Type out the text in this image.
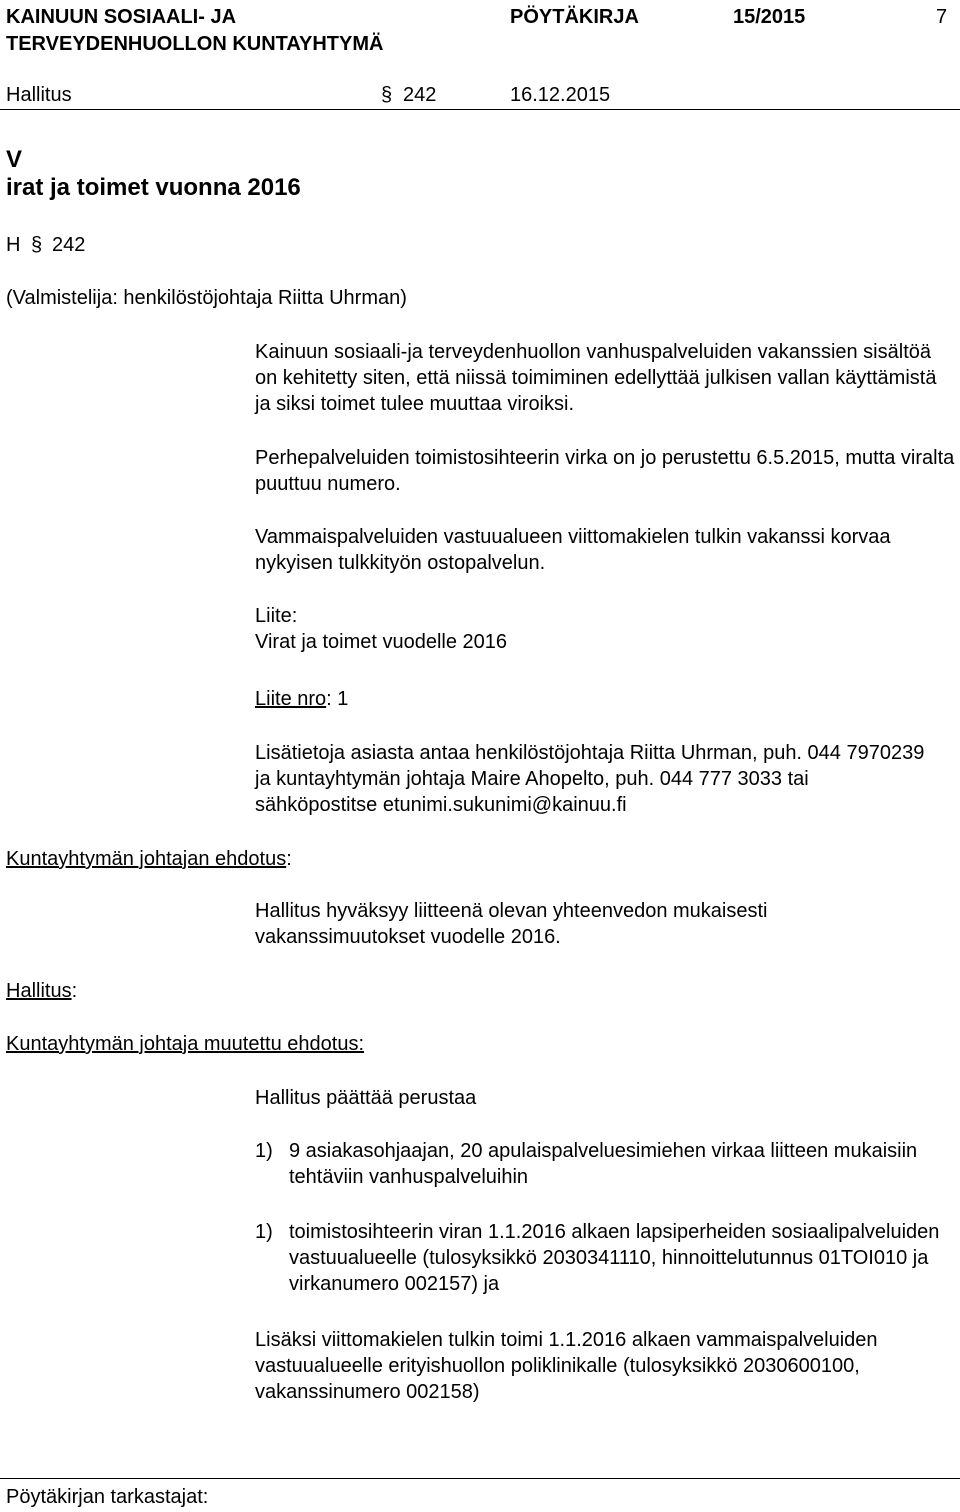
KAINUUN SOSIAALI- JA
TERVEYDENHUOLLON KUNTAYHTYMÄ
PÖYTÄKIRJA	15/2015	7
Hallitus	§ 242	16.12.2015
V
irat ja toimet vuonna 2016
H § 242
(Valmistelija: henkilöstöjohtaja Riitta Uhrman)

Kainuun sosiaali-ja terveydenhuollon vanhuspalveluiden vakanssien sisältöä on kehitetty siten, että niissä toimiminen edellyttää julkisen vallan käyttämistä ja siksi toimet tulee muuttaa viroiksi.

Perhepalveluiden toimistosihteerin virka on jo perustettu 6.5.2015, mutta viralta puuttuu numero.

Vammaispalveluiden vastuualueen viittomakielen tulkin vakanssi korvaa nykyisen tulkkityön ostopalvelun.

Liite:

Virat ja toimet vuodelle 2016

Liite nro: 1

Lisätietoja asiasta antaa henkilöstöjohtaja Riitta Uhrman, puh. 044 7970239 ja kuntayhtymän johtaja Maire Ahopelto, puh. 044 777 3033 tai sähköpostitse etunimi.sukunimi@kainuu.fi

Kuntayhtymän johtajan ehdotus:

Hallitus hyväksyy liitteenä olevan yhteenvedon mukaisesti vakanssimuutokset vuodelle 2016.

Hallitus:
Kuntayhtymän johtaja muutettu ehdotus:

Hallitus päättää perustaa

1) 9 asiakasohjaajan, 20 apulaispalveluesimiehen virkaa liitteen mukaisiin tehtäviin vanhuspalveluihin
1) toimistosihteerin viran 1.1.2016 alkaen lapsiperheiden sosiaalipalveluiden vastuualueelle (tulosyksikkö 2030341110, hinnoittelutunnus 01TOI010 ja virkanumero 002157) ja

Lisäksi viittomakielen tulkin toimi 1.1.2016 alkaen vammaispalveluiden vastuualueelle erityishuollon poliklinikalle (tulosyksikkö 2030600100, vakanssinumero 002158)

Pöytäkirjan tarkastajat:
